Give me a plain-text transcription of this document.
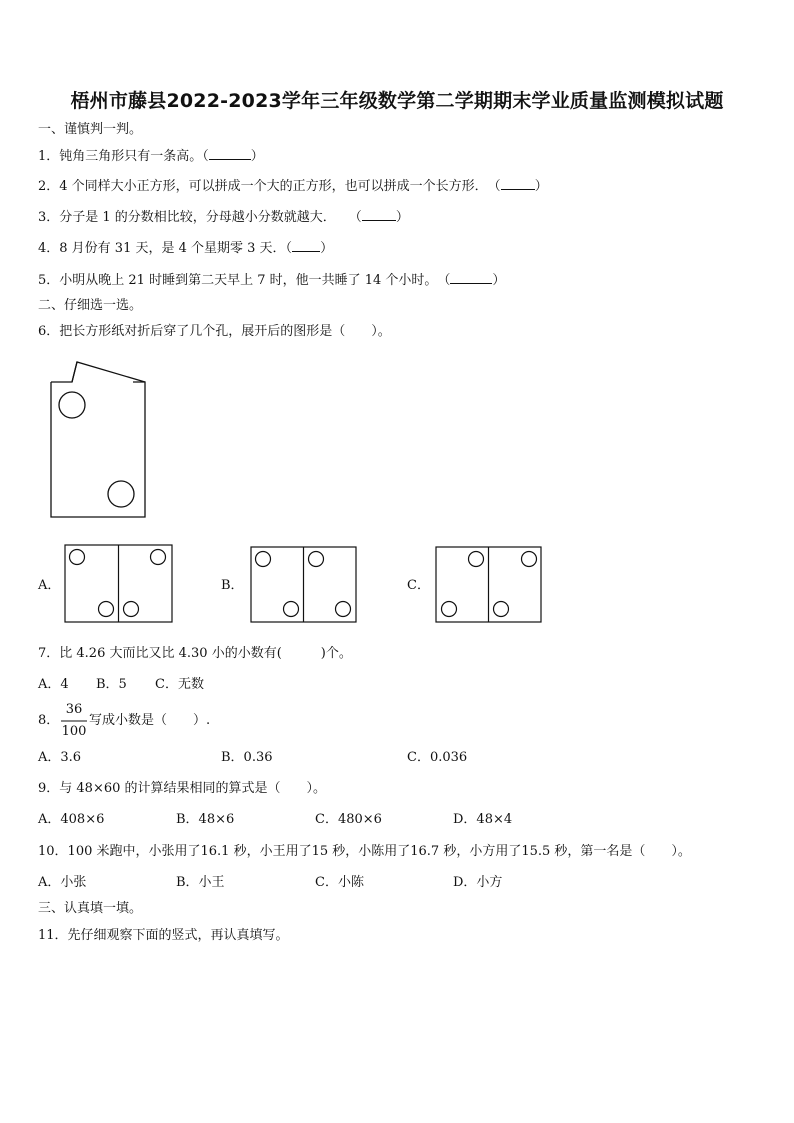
梧州市藤县2022-2023学年三年级数学第二学期期末学业质量监测模拟试题
一、谨慎判一判。
1．钝角三角形只有一条高。（	）
2．4 个同样大小正方形，可以拼成一个大的正方形，也可以拼成一个长方形．　（	）
3．分子是 1 的分数相比较，分母越小分数就越大．　　（	）
4．8 月份有 31 天，是 4 个星期零 3 天．（ ）
5．小明从晚上 21 时睡到第二天早上 7 时，他一共睡了 14 个小时。　（	）
二、仔细选一选。
6．把长方形纸对折后穿了几个孔，展开后的图形是（　　）。
A．	B．	C．
7．比 4.26 大而比又比 4.30 小的小数有(　　　)个。
A．4 B．5 C．无数
8．
36
100
写成小数是（　　）.
A．3.6	B．0.36	C．0.036
9．与 48×60 的计算结果相同的算式是（　　）。
A．408×6	B．48×6	C．480×6	D．48×4
10．100 米跑中，小张用了16.1 秒，小王用了15 秒，小陈用了16.7 秒，小方用了15.5 秒，第一名是（　　）。
A．小张	B．小王	C．小陈	D．小方
三、认真填一填。
11．先仔细观察下面的竖式，再认真填写。
